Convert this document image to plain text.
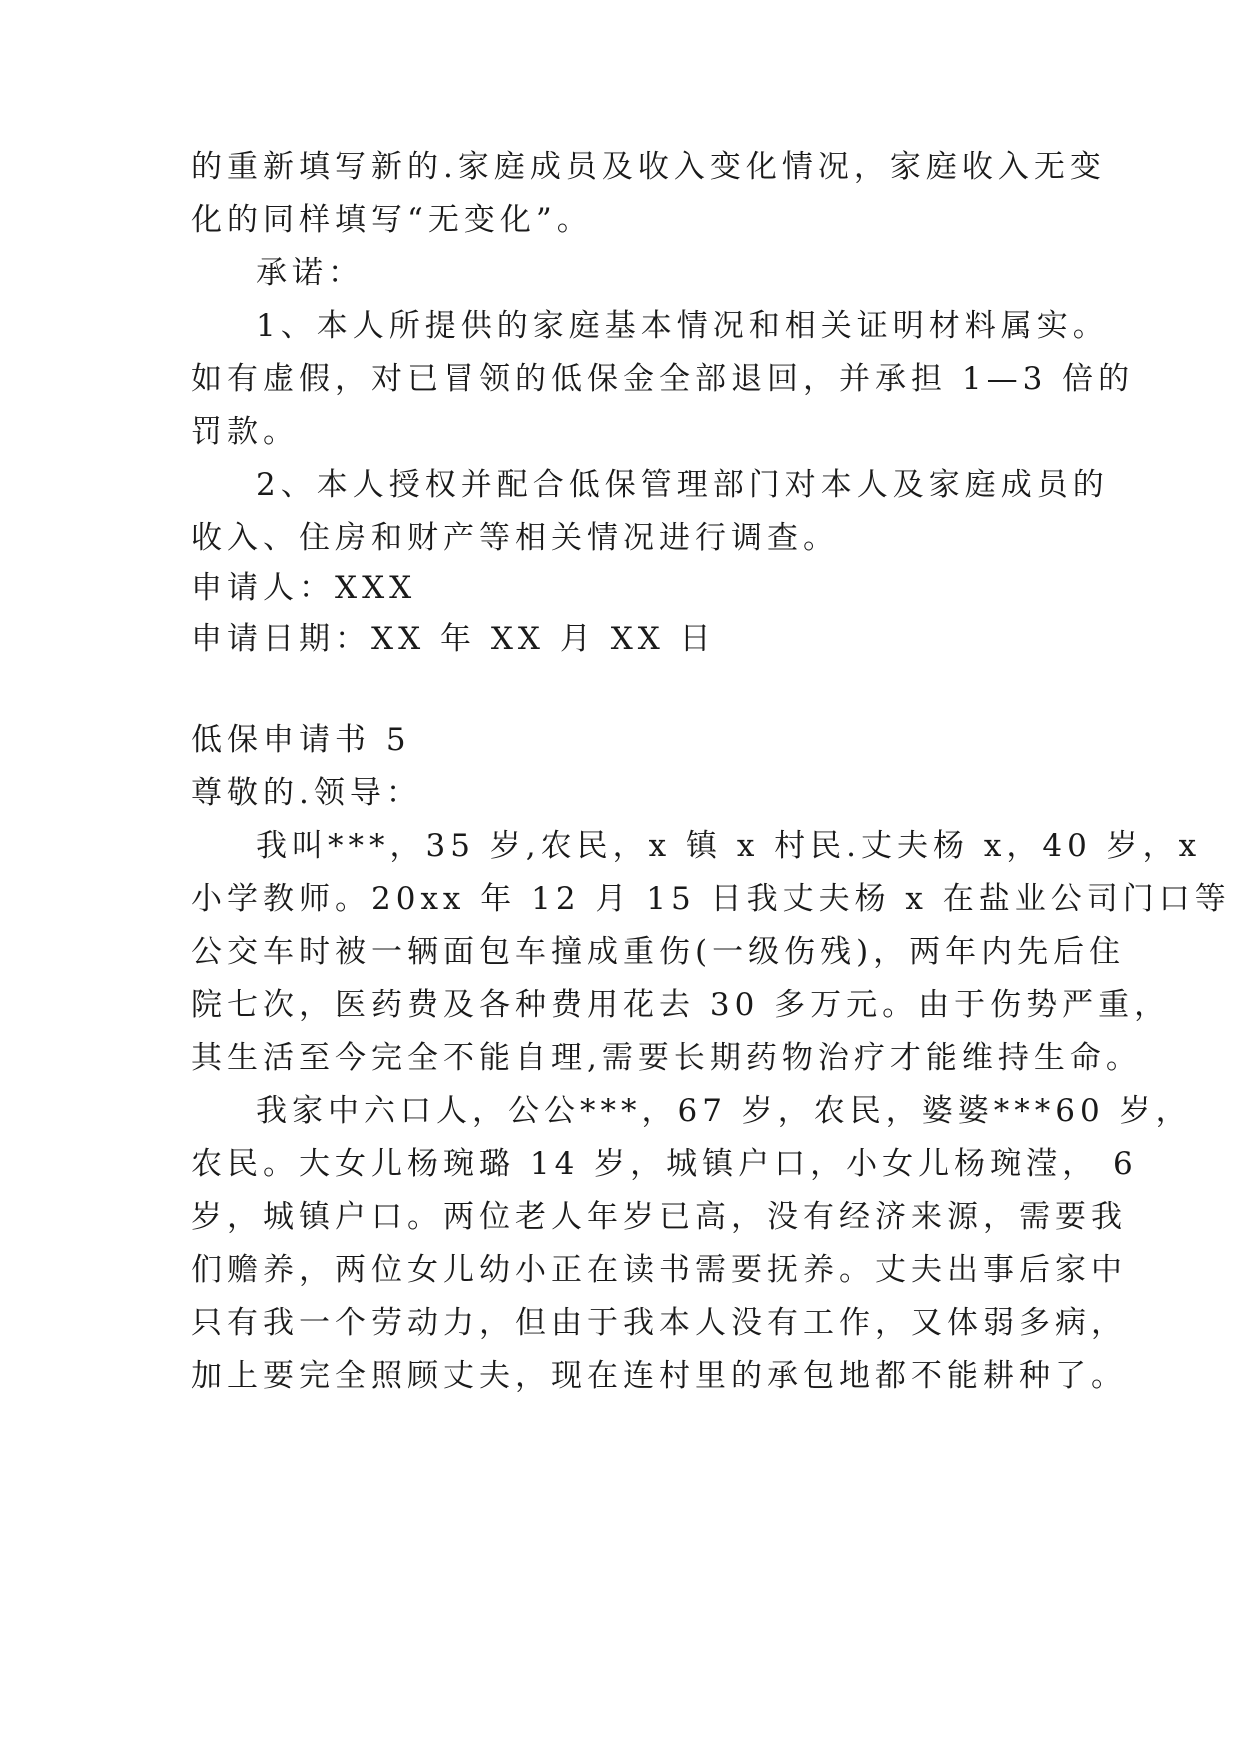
的重新填写新的.家庭成员及收入变化情况，家庭收入无变
化的同样填写“无变化”。
承诺：
1、本人所提供的家庭基本情况和相关证明材料属实。
如有虚假，对已冒领的低保金全部退回，并承担 1—3 倍的
罚款。
2、本人授权并配合低保管理部门对本人及家庭成员的
收入、住房和财产等相关情况进行调查。
申请人：XXX
申请日期：XX 年 XX 月 XX 日
低保申请书 5
尊敬的.领导：
我叫***，35 岁,农民，x 镇 x 村民.丈夫杨 x，40 岁，x
小学教师。20xx 年 12 月 15 日我丈夫杨 x 在盐业公司门口等
公交车时被一辆面包车撞成重伤(一级伤残)，两年内先后住
院七次，医药费及各种费用花去 30 多万元。由于伤势严重，
其生活至今完全不能自理,需要长期药物治疗才能维持生命。
我家中六口人，公公***，67 岁，农民，婆婆***60 岁，
农民。大女儿杨琬璐 14 岁，城镇户口，小女儿杨琬滢， 6
岁，城镇户口。两位老人年岁已高，没有经济来源，需要我
们赡养，两位女儿幼小正在读书需要抚养。丈夫出事后家中
只有我一个劳动力，但由于我本人没有工作，又体弱多病，
加上要完全照顾丈夫，现在连村里的承包地都不能耕种了。
